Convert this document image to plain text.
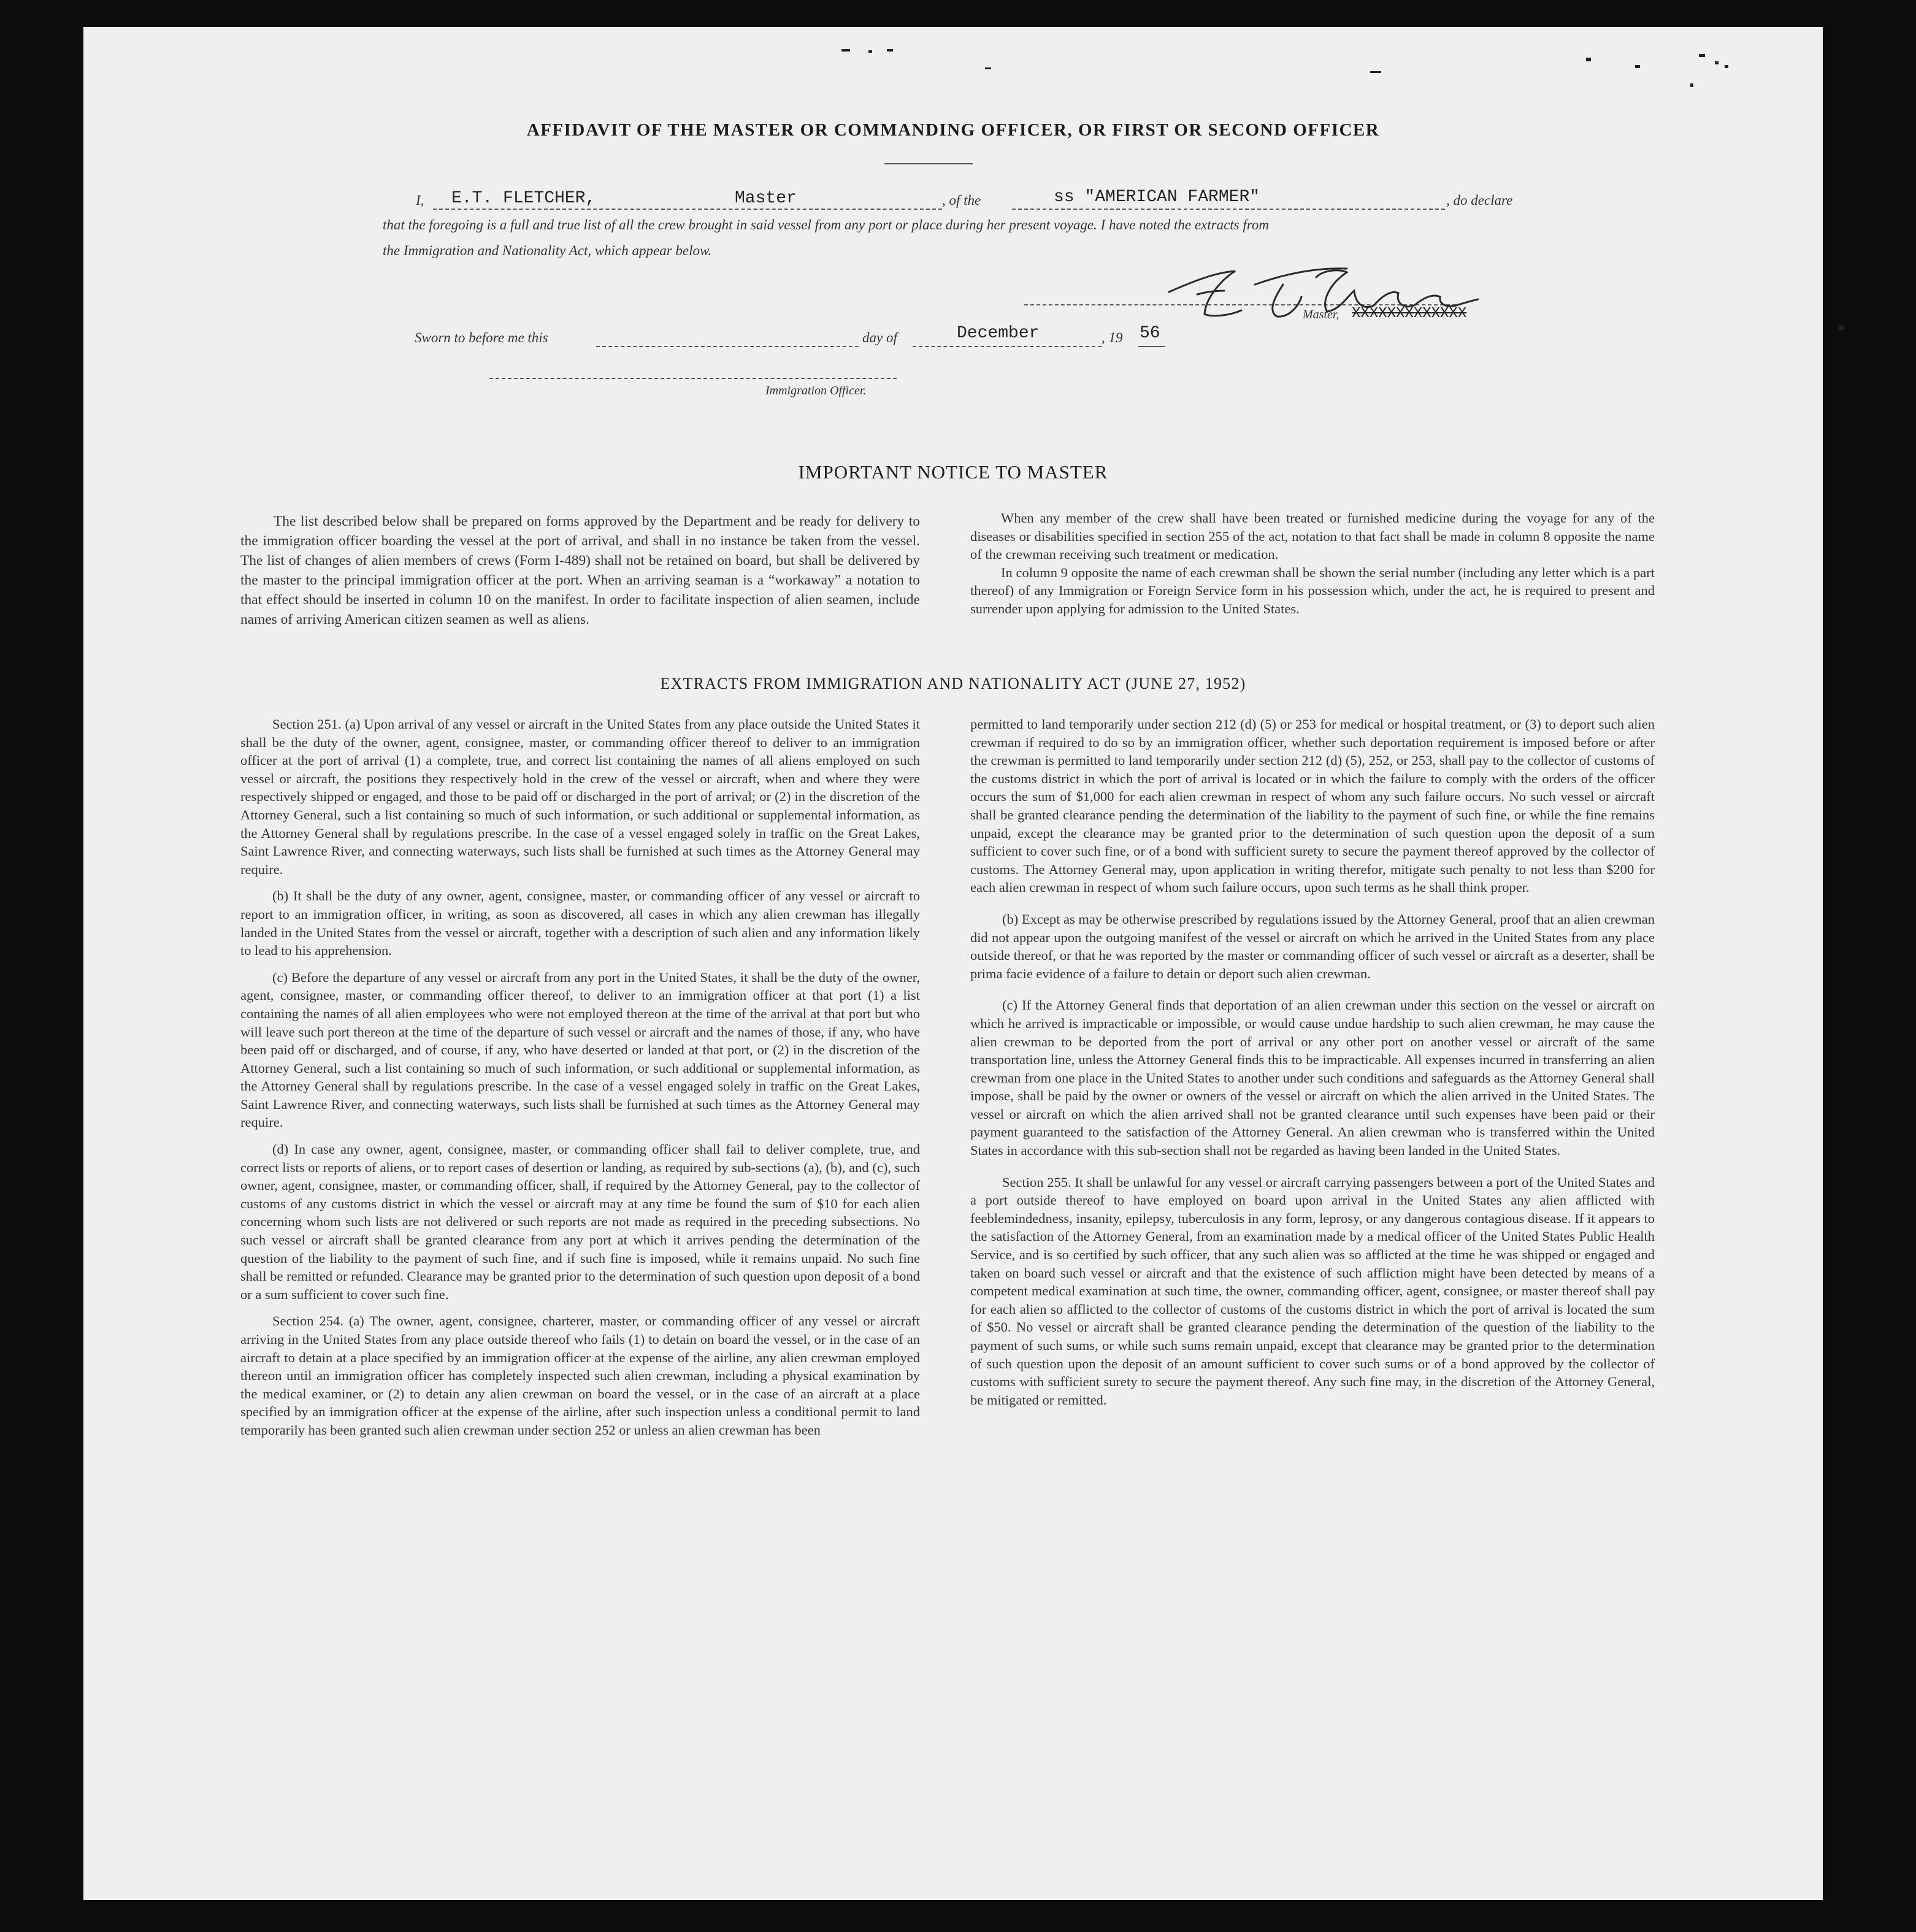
AFFIDAVIT OF THE MASTER OR COMMANDING OFFICER, OR FIRST OR SECOND OFFICER
I, E.T. FLETCHER,	Master	, of the	ss "AMERICAN FARMER"	, do declare
that the foregoing is a full and true list of all the crew brought in said vessel from any port or place during her present voyage. I have noted the extracts from
the Immigration and Nationality Act, which appear below.
Master, XXXXXXXXXXXXX
Sworn to before me this	day of	December	, 19 56
Immigration Officer.
IMPORTANT NOTICE TO MASTER

The list described below shall be prepared on forms approved by the Department and be ready for delivery to the immigration officer boarding the vessel at the port of arrival, and shall in no instance be taken from the vessel. The list of changes of alien members of crews (Form I-489) shall not be retained on board, but shall be delivered by the master to the principal immigration officer at the port. When an arriving seaman is a “workaway” a notation to that effect should be inserted in column 10 on the manifest. In order to facilitate inspection of alien seamen, include names of arriving American citizen seamen as well as aliens.

When any member of the crew shall have been treated or furnished medicine during the voyage for any of the diseases or disabilities specified in section 255 of the act, notation to that fact shall be made in column 8 opposite the name of the crewman receiving such treatment or medication.

In column 9 opposite the name of each crewman shall be shown the serial number (including any letter which is a part thereof) of any Immigration or Foreign Service form in his possession which, under the act, he is required to present and surrender upon applying for admission to the United States.

EXTRACTS FROM IMMIGRATION AND NATIONALITY ACT (JUNE 27, 1952)

Section 251. (a) Upon arrival of any vessel or aircraft in the United States from any place outside the United States it shall be the duty of the owner, agent, consignee, master, or commanding officer thereof to deliver to an immigration officer at the port of arrival (1) a complete, true, and correct list containing the names of all aliens employed on such vessel or aircraft, the positions they respectively hold in the crew of the vessel or aircraft, when and where they were respectively shipped or engaged, and those to be paid off or discharged in the port of arrival; or (2) in the discretion of the Attorney General, such a list containing so much of such information, or such additional or supplemental information, as the Attorney General shall by regulations prescribe. In the case of a vessel engaged solely in traffic on the Great Lakes, Saint Lawrence River, and connecting waterways, such lists shall be furnished at such times as the Attorney General may require.

(b) It shall be the duty of any owner, agent, consignee, master, or commanding officer of any vessel or aircraft to report to an immigration officer, in writing, as soon as discovered, all cases in which any alien crewman has illegally landed in the United States from the vessel or aircraft, together with a description of such alien and any information likely to lead to his apprehension.

(c) Before the departure of any vessel or aircraft from any port in the United States, it shall be the duty of the owner, agent, consignee, master, or commanding officer thereof, to deliver to an immigration officer at that port (1) a list containing the names of all alien employees who were not employed thereon at the time of the arrival at that port but who will leave such port thereon at the time of the departure of such vessel or aircraft and the names of those, if any, who have been paid off or discharged, and of course, if any, who have deserted or landed at that port, or (2) in the discretion of the Attorney General, such a list containing so much of such information, or such additional or supplemental information, as the Attorney General shall by regulations prescribe. In the case of a vessel engaged solely in traffic on the Great Lakes, Saint Lawrence River, and connecting waterways, such lists shall be furnished at such times as the Attorney General may require.

(d) In case any owner, agent, consignee, master, or commanding officer shall fail to deliver complete, true, and correct lists or reports of aliens, or to report cases of desertion or landing, as required by sub-sections (a), (b), and (c), such owner, agent, consignee, master, or commanding officer, shall, if required by the Attorney General, pay to the collector of customs of any customs district in which the vessel or aircraft may at any time be found the sum of $10 for each alien concerning whom such lists are not delivered or such reports are not made as required in the preceding subsections. No such vessel or aircraft shall be granted clearance from any port at which it arrives pending the determination of the question of the liability to the payment of such fine, and if such fine is imposed, while it remains unpaid. No such fine shall be remitted or refunded. Clearance may be granted prior to the determination of such question upon deposit of a bond or a sum sufficient to cover such fine.

Section 254. (a) The owner, agent, consignee, charterer, master, or commanding officer of any vessel or aircraft arriving in the United States from any place outside thereof who fails (1) to detain on board the vessel, or in the case of an aircraft to detain at a place specified by an immigration officer at the expense of the airline, any alien crewman employed thereon until an immigration officer has completely inspected such alien crewman, including a physical examination by the medical examiner, or (2) to detain any alien crewman on board the vessel, or in the case of an aircraft at a place specified by an immigration officer at the expense of the airline, after such inspection unless a conditional permit to land temporarily has been granted such alien crewman under section 252 or unless an alien crewman has been

permitted to land temporarily under section 212 (d) (5) or 253 for medical or hospital treatment, or (3) to deport such alien crewman if required to do so by an immigration officer, whether such deportation requirement is imposed before or after the crewman is permitted to land temporarily under section 212 (d) (5), 252, or 253, shall pay to the collector of customs of the customs district in which the port of arrival is located or in which the failure to comply with the orders of the officer occurs the sum of $1,000 for each alien crewman in respect of whom any such failure occurs. No such vessel or aircraft shall be granted clearance pending the determination of the liability to the payment of such fine, or while the fine remains unpaid, except the clearance may be granted prior to the determination of such question upon the deposit of a sum sufficient to cover such fine, or of a bond with sufficient surety to secure the payment thereof approved by the collector of customs. The Attorney General may, upon application in writing therefor, mitigate such penalty to not less than $200 for each alien crewman in respect of whom such failure occurs, upon such terms as he shall think proper.

(b) Except as may be otherwise prescribed by regulations issued by the Attorney General, proof that an alien crewman did not appear upon the outgoing manifest of the vessel or aircraft on which he arrived in the United States from any place outside thereof, or that he was reported by the master or commanding officer of such vessel or aircraft as a deserter, shall be prima facie evidence of a failure to detain or deport such alien crewman.

(c) If the Attorney General finds that deportation of an alien crewman under this section on the vessel or aircraft on which he arrived is impracticable or impossible, or would cause undue hardship to such alien crewman, he may cause the alien crewman to be deported from the port of arrival or any other port on another vessel or aircraft of the same transportation line, unless the Attorney General finds this to be impracticable. All expenses incurred in transferring an alien crewman from one place in the United States to another under such conditions and safeguards as the Attorney General shall impose, shall be paid by the owner or owners of the vessel or aircraft on which the alien arrived in the United States. The vessel or aircraft on which the alien arrived shall not be granted clearance until such expenses have been paid or their payment guaranteed to the satisfaction of the Attorney General. An alien crewman who is transferred within the United States in accordance with this sub-section shall not be regarded as having been landed in the United States.

Section 255. It shall be unlawful for any vessel or aircraft carrying passengers between a port of the United States and a port outside thereof to have employed on board upon arrival in the United States any alien afflicted with feeblemindedness, insanity, epilepsy, tuberculosis in any form, leprosy, or any dangerous contagious disease. If it appears to the satisfaction of the Attorney General, from an examination made by a medical officer of the United States Public Health Service, and is so certified by such officer, that any such alien was so afflicted at the time he was shipped or engaged and taken on board such vessel or aircraft and that the existence of such affliction might have been detected by means of a competent medical examination at such time, the owner, commanding officer, agent, consignee, or master thereof shall pay for each alien so afflicted to the collector of customs of the customs district in which the port of arrival is located the sum of $50. No vessel or aircraft shall be granted clearance pending the determination of the question of the liability to the payment of such sums, or while such sums remain unpaid, except that clearance may be granted prior to the determination of such question upon the deposit of an amount sufficient to cover such sums or of a bond approved by the collector of customs with sufficient surety to secure the payment thereof. Any such fine may, in the discretion of the Attorney General, be mitigated or remitted.
